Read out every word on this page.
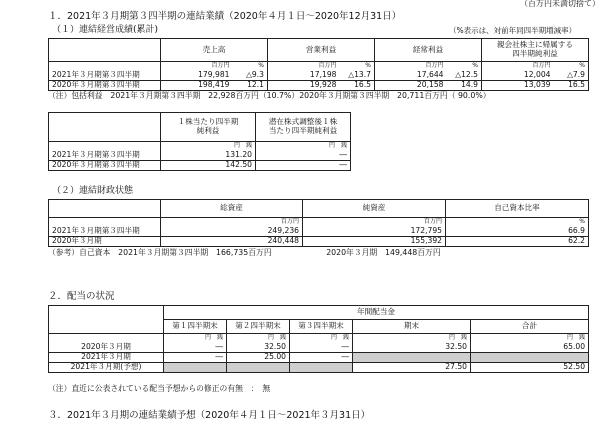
（百万円未満切捨て）
１．2021年３月期第３四半期の連結業績（2020年４月１日～2020年12月31日）
（１）連結経営成績(累計)	（%表示は、対前年同四半期増減率）
	売上高		営業利益		経常利益		親会社株主に帰属する四半期純利益	
	百万円	%	百万円	%	百万円	%	百万円	%
2021年３月期第３四半期	179,981	△9.3	17,198	△13.7	17,644	△12.5	12,004	△7.9
2020年３月期第３四半期	198,419	12.1	19,928	16.5	20,158	14.9	13,039	16.5
（注）包括利益　2021年３月期第３四半期　22,928百万円（10.7%）2020年３月期第３四半期　20,711百万円（ 90.0%）
	１株当たり四半期純利益	潜在株式調整後１株当たり四半期純利益
	円　銭	円　銭
2021年３月期第３四半期	131.20	―
2020年３月期第３四半期	142.50	―
（２）連結財政状態
	総資産	純資産	自己資本比率
	百万円	百万円	%
2021年３月期第３四半期	249,236	172,795	66.9
2020年３月期	240,448	155,392	62.2
（参考）自己資本　2021年３月期第３四半期　166,735百万円　　　　　　　2020年３月期　149,448百万円
２．配当の状況
	年間配当金				
	第１四半期末	第２四半期末	第３四半期末	期末	合計
	円　銭	円　銭	円　銭	円　銭	円　銭
2020年３月期	―	32.50	―	32.50	65.00
2021年３月期	―	25.00	―		
2021年３月期(予想)				27.50	52.50
（注）直近に公表されている配当予想からの修正の有無　：　無
３．2021年３月期の連結業績予想（2020年４月１日～2021年３月31日）
